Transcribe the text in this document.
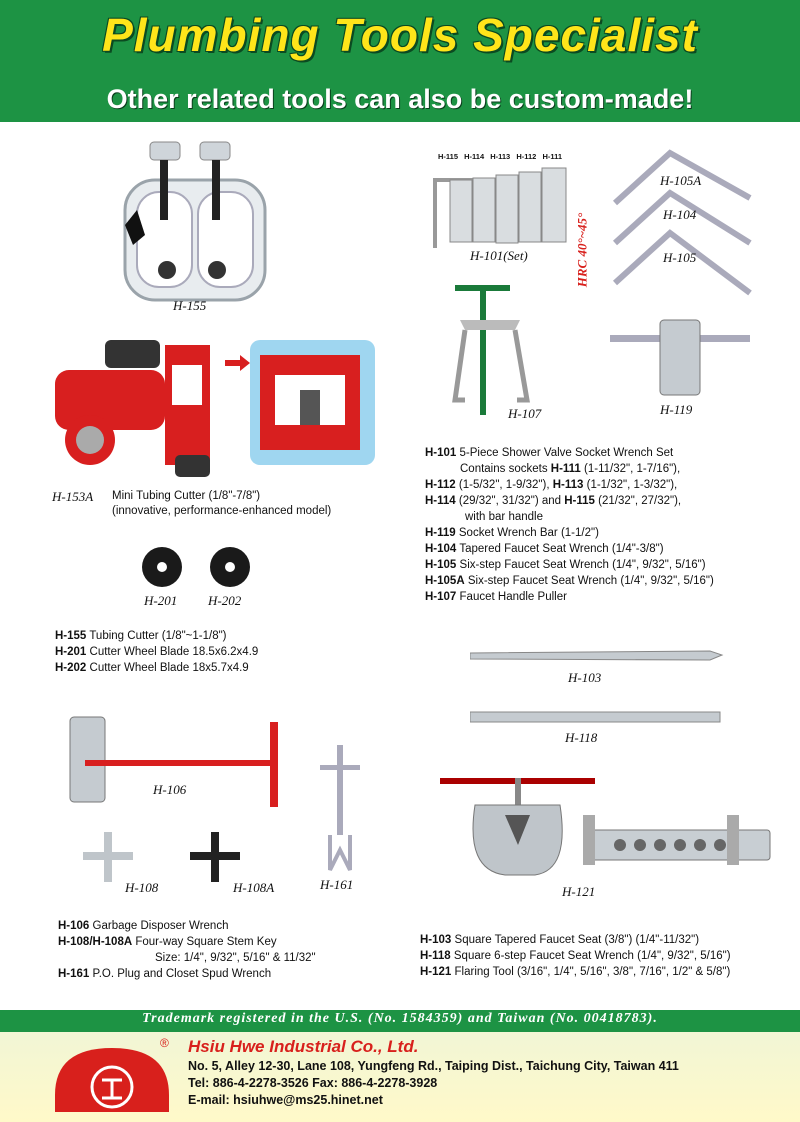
Plumbing Tools Specialist
Other related tools can also be custom-made!
H-155
H-153A Mini Tubing Cutter (1/8"-7/8")
(innovative, performance-enhanced model)
H-201 H-202
H-155 Tubing Cutter (1/8"~1-1/8")
H-201 Cutter Wheel Blade 18.5x6.2x4.9
H-202 Cutter Wheel Blade 18x5.7x4.9
H-115 H-114 H-113 H-112 H-111
H-101(Set)
H-105A
H-104
H-105
HRC 40°~45°
H-107	H-119
H-101 5-Piece Shower Valve Socket Wrench Set
Contains sockets H-111 (1-11/32", 1-7/16"),
H-112 (1-5/32", 1-9/32"), H-113 (1-1/32", 1-3/32"),
H-114 (29/32", 31/32") and H-115 (21/32", 27/32"),
with bar handle
H-119 Socket Wrench Bar (1-1/2")
H-104 Tapered Faucet Seat Wrench (1/4"-3/8")
H-105 Six-step Faucet Seat Wrench (1/4", 9/32", 5/16")
H-105A Six-step Faucet Seat Wrench (1/4", 9/32", 5/16")
H-107 Faucet Handle Puller
H-103
H-118
H-121
H-106
H-108	H-108A	H-161
H-106 Garbage Disposer Wrench
H-108/H-108A Four-way Square Stem Key
Size: 1/4", 9/32", 5/16" & 11/32"
H-161 P.O. Plug and Closet Spud Wrench
H-103 Square Tapered Faucet Seat (3/8") (1/4"-11/32")
H-118 Square 6-step Faucet Seat Wrench (1/4", 9/32", 5/16")
H-121 Flaring Tool (3/16", 1/4", 5/16", 3/8", 7/16", 1/2" & 5/8")
Trademark registered in the U.S. (No. 1584359) and Taiwan (No. 00418783).
® Hsiu Hwe Industrial Co., Ltd.
No. 5, Alley 12-30, Lane 108, Yungfeng Rd., Taiping Dist., Taichung City, Taiwan 411
Tel: 886-4-2278-3526 Fax: 886-4-2278-3928
E-mail: hsiuhwe@ms25.hinet.net
